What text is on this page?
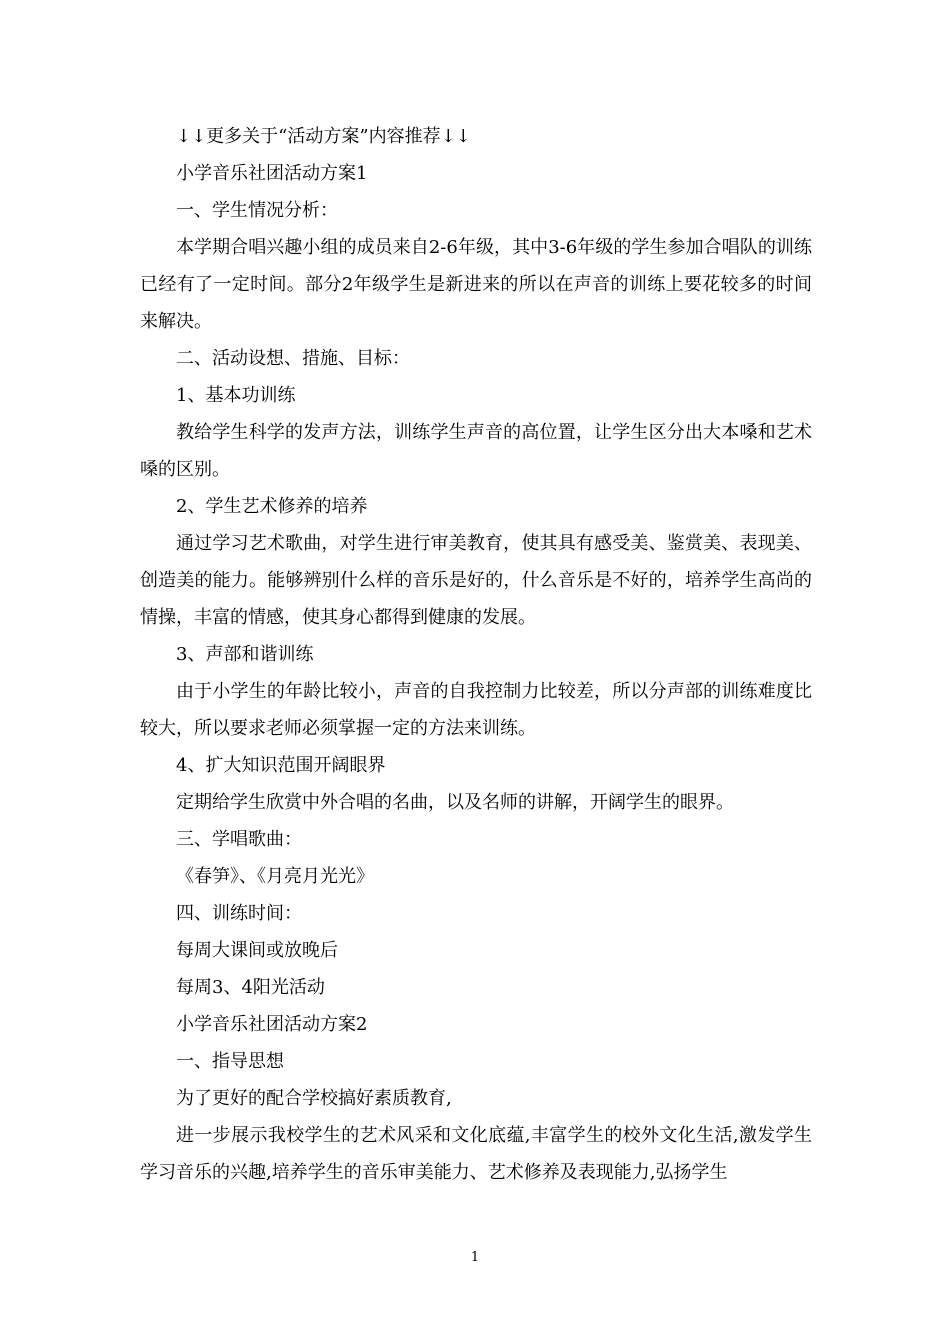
↓↓更多关于“活动方案”内容推荐↓↓

小学音乐社团活动方案1

一、学生情况分析：

本学期合唱兴趣小组的成员来自2-6年级，其中3-6年级的学生参加合唱队的训练已经有了一定时间。部分2年级学生是新进来的所以在声音的训练上要花较多的时间来解决。

二、活动设想、措施、目标：

1、基本功训练

教给学生科学的发声方法，训练学生声音的高位置，让学生区分出大本嗓和艺术嗓的区别。

2、学生艺术修养的培养

通过学习艺术歌曲，对学生进行审美教育，使其具有感受美、鉴赏美、表现美、创造美的能力。能够辨别什么样的音乐是好的，什么音乐是不好的，培养学生高尚的情操，丰富的情感，使其身心都得到健康的发展。

3、声部和谐训练

由于小学生的年龄比较小，声音的自我控制力比较差，所以分声部的训练难度比较大，所以要求老师必须掌握一定的方法来训练。

4、扩大知识范围开阔眼界

定期给学生欣赏中外合唱的名曲，以及名师的讲解，开阔学生的眼界。

三、学唱歌曲：

《春笋》、《月亮月光光》

四、训练时间：

每周大课间或放晚后

每周3、4阳光活动

小学音乐社团活动方案2

一、指导思想

为了更好的配合学校搞好素质教育,

进一步展示我校学生的艺术风采和文化底蕴,丰富学生的校外文化生活,激发学生学习音乐的兴趣,培养学生的音乐审美能力、艺术修养及表现能力,弘扬学生

1
